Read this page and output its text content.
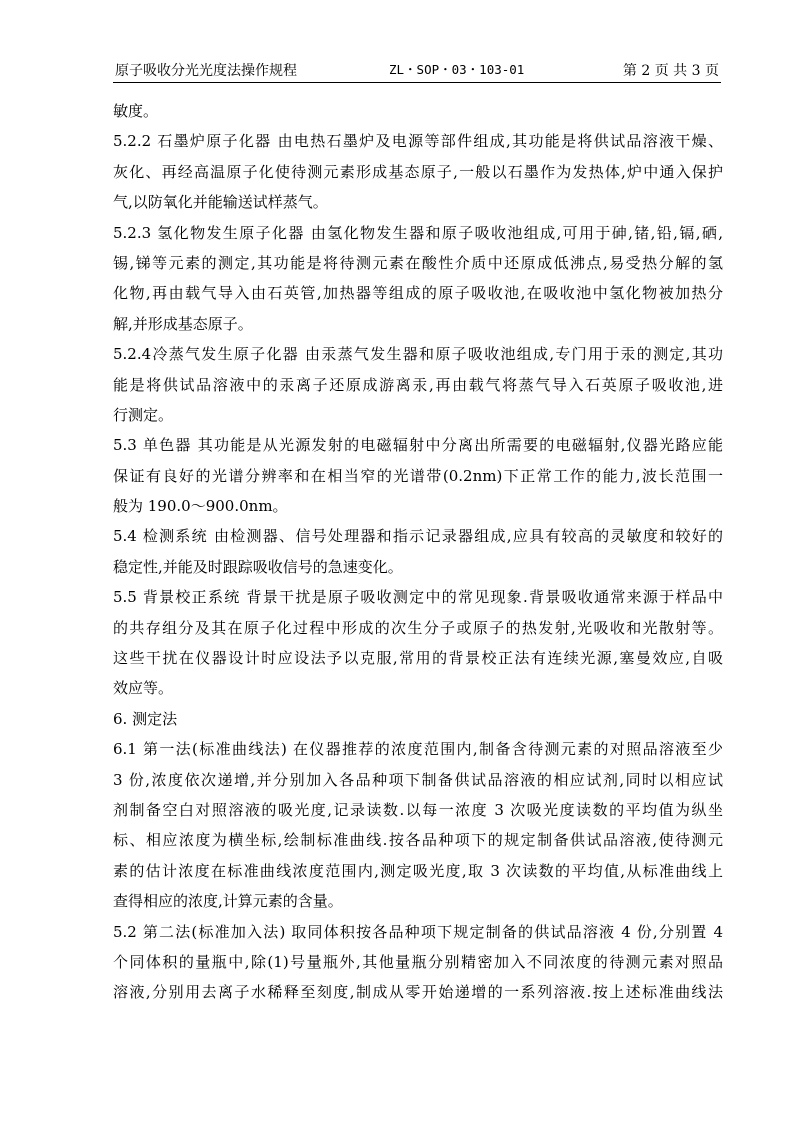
原子吸收分光光度法操作规程	ZL・SOP・03・103-01	第 2 页 共 3 页
敏度。
5.2.2 石墨炉原子化器 由电热石墨炉及电源等部件组成,其功能是将供试品溶液干燥、
灰化、再经高温原子化使待测元素形成基态原子,一般以石墨作为发热体,炉中通入保护
气,以防氧化并能输送试样蒸气。
5.2.3 氢化物发生原子化器 由氢化物发生器和原子吸收池组成,可用于砷,锗,铅,镉,硒,
锡,锑等元素的测定,其功能是将待测元素在酸性介质中还原成低沸点,易受热分解的氢
化物,再由载气导入由石英管,加热器等组成的原子吸收池,在吸收池中氢化物被加热分
解,并形成基态原子。
5.2.4冷蒸气发生原子化器 由汞蒸气发生器和原子吸收池组成,专门用于汞的测定,其功
能是将供试品溶液中的汞离子还原成游离汞,再由载气将蒸气导入石英原子吸收池,进
行测定。
5.3 单色器 其功能是从光源发射的电磁辐射中分离出所需要的电磁辐射,仪器光路应能
保证有良好的光谱分辨率和在相当窄的光谱带(0.2nm)下正常工作的能力,波长范围一
般为 190.0～900.0nm。
5.4 检测系统 由检测器、信号处理器和指示记录器组成,应具有较高的灵敏度和较好的
稳定性,并能及时跟踪吸收信号的急速变化。
5.5 背景校正系统 背景干扰是原子吸收测定中的常见现象.背景吸收通常来源于样品中
的共存组分及其在原子化过程中形成的次生分子或原子的热发射,光吸收和光散射等。
这些干扰在仪器设计时应设法予以克服,常用的背景校正法有连续光源,塞曼效应,自吸
效应等。
6. 测定法
6.1 第一法(标准曲线法) 在仪器推荐的浓度范围内,制备含待测元素的对照品溶液至少
3 份,浓度依次递增,并分别加入各品种项下制备供试品溶液的相应试剂,同时以相应试
剂制备空白对照溶液的吸光度,记录读数.以每一浓度 3 次吸光度读数的平均值为纵坐
标、相应浓度为横坐标,绘制标准曲线.按各品种项下的规定制备供试品溶液,使待测元
素的估计浓度在标准曲线浓度范围内,测定吸光度,取 3 次读数的平均值,从标准曲线上
查得相应的浓度,计算元素的含量。
5.2 第二法(标准加入法) 取同体积按各品种项下规定制备的供试品溶液 4 份,分别置 4
个同体积的量瓶中,除(1)号量瓶外,其他量瓶分别精密加入不同浓度的待测元素对照品
溶液,分别用去离子水稀释至刻度,制成从零开始递增的一系列溶液.按上述标准曲线法
